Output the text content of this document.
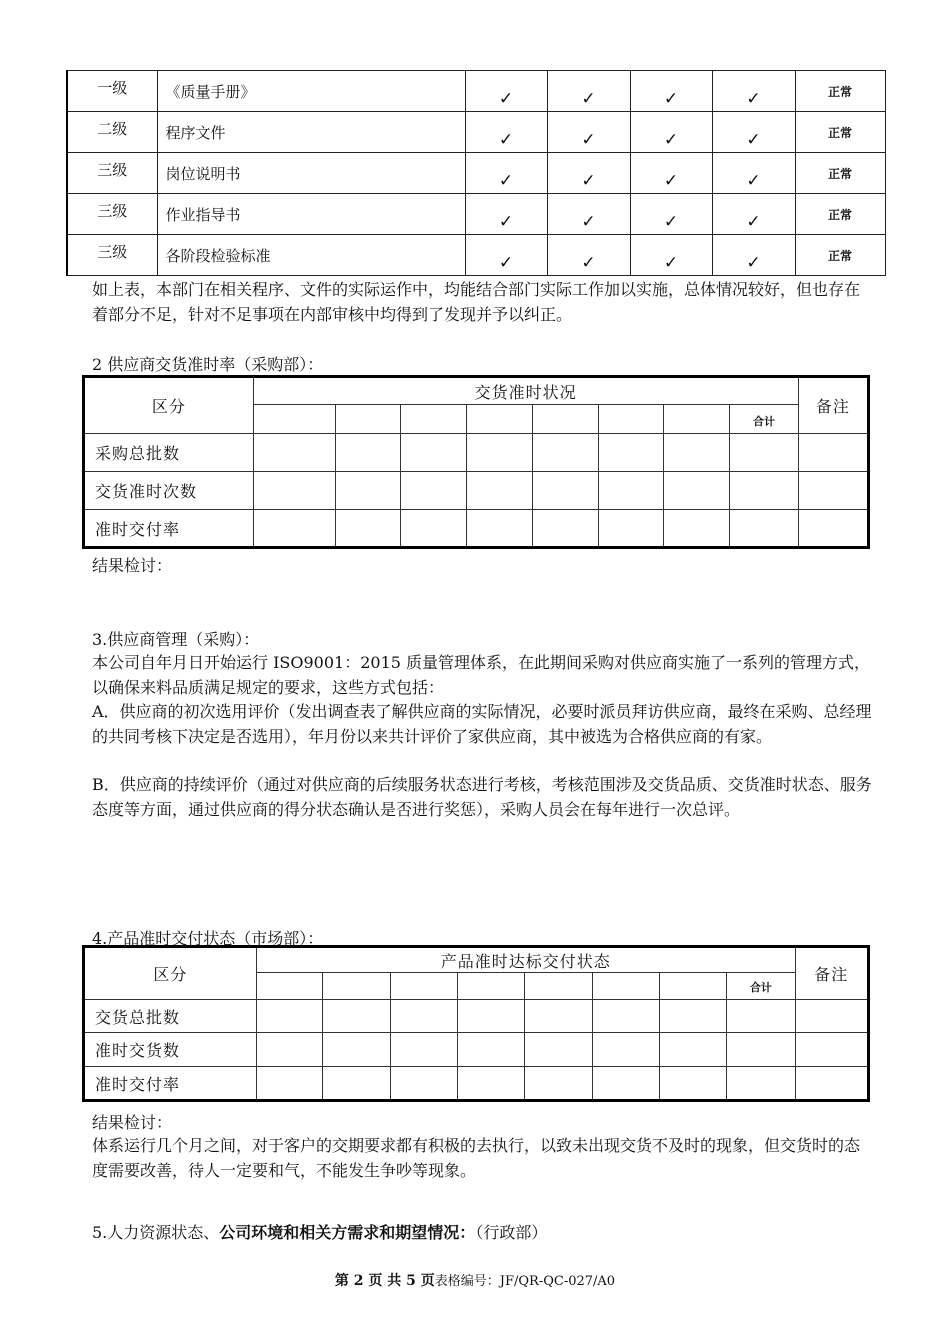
一级	《质量手册》	✓	✓	✓	✓	正常
二级	程序文件	✓	✓	✓	✓	正常
三级	岗位说明书	✓	✓	✓	✓	正常
三级	作业指导书	✓	✓	✓	✓	正常
三级	各阶段检验标准	✓	✓	✓	✓	正常
如上表，本部门在相关程序、文件的实际运作中，均能结合部门实际工作加以实施，总体情况较好，但也存在着部分不足，针对不足事项在内部审核中均得到了发现并予以纠正。
2 供应商交货准时率（采购部）：
区分	交货准时状况								备注
								合计	
采购总批数									
交货准时次数									
准时交付率									
结果检讨：
3.供应商管理（采购）：
本公司自年月日开始运行 ISO9001：2015 质量管理体系，在此期间采购对供应商实施了一系列的管理方式，以确保来料品质满足规定的要求，这些方式包括：
A．供应商的初次选用评价（发出调查表了解供应商的实际情况，必要时派员拜访供应商，最终在采购、总经理的共同考核下决定是否选用），年月份以来共计评价了家供应商，其中被选为合格供应商的有家。
B．供应商的持续评价（通过对供应商的后续服务状态进行考核，考核范围涉及交货品质、交货准时状态、服务态度等方面，通过供应商的得分状态确认是否进行奖惩），采购人员会在每年进行一次总评。
4.产品准时交付状态（市场部）：
区分	产品准时达标交付状态								备注
								合计	
交货总批数									
准时交货数									
准时交付率									
结果检讨：
体系运行几个月之间，对于客户的交期要求都有积极的去执行，以致未出现交货不及时的现象，但交货时的态度需要改善，待人一定要和气，不能发生争吵等现象。
5.人力资源状态、公司环境和相关方需求和期望情况：（行政部）
第 2 页 共 5 页表格编号：JF/QR-QC-027/A0
